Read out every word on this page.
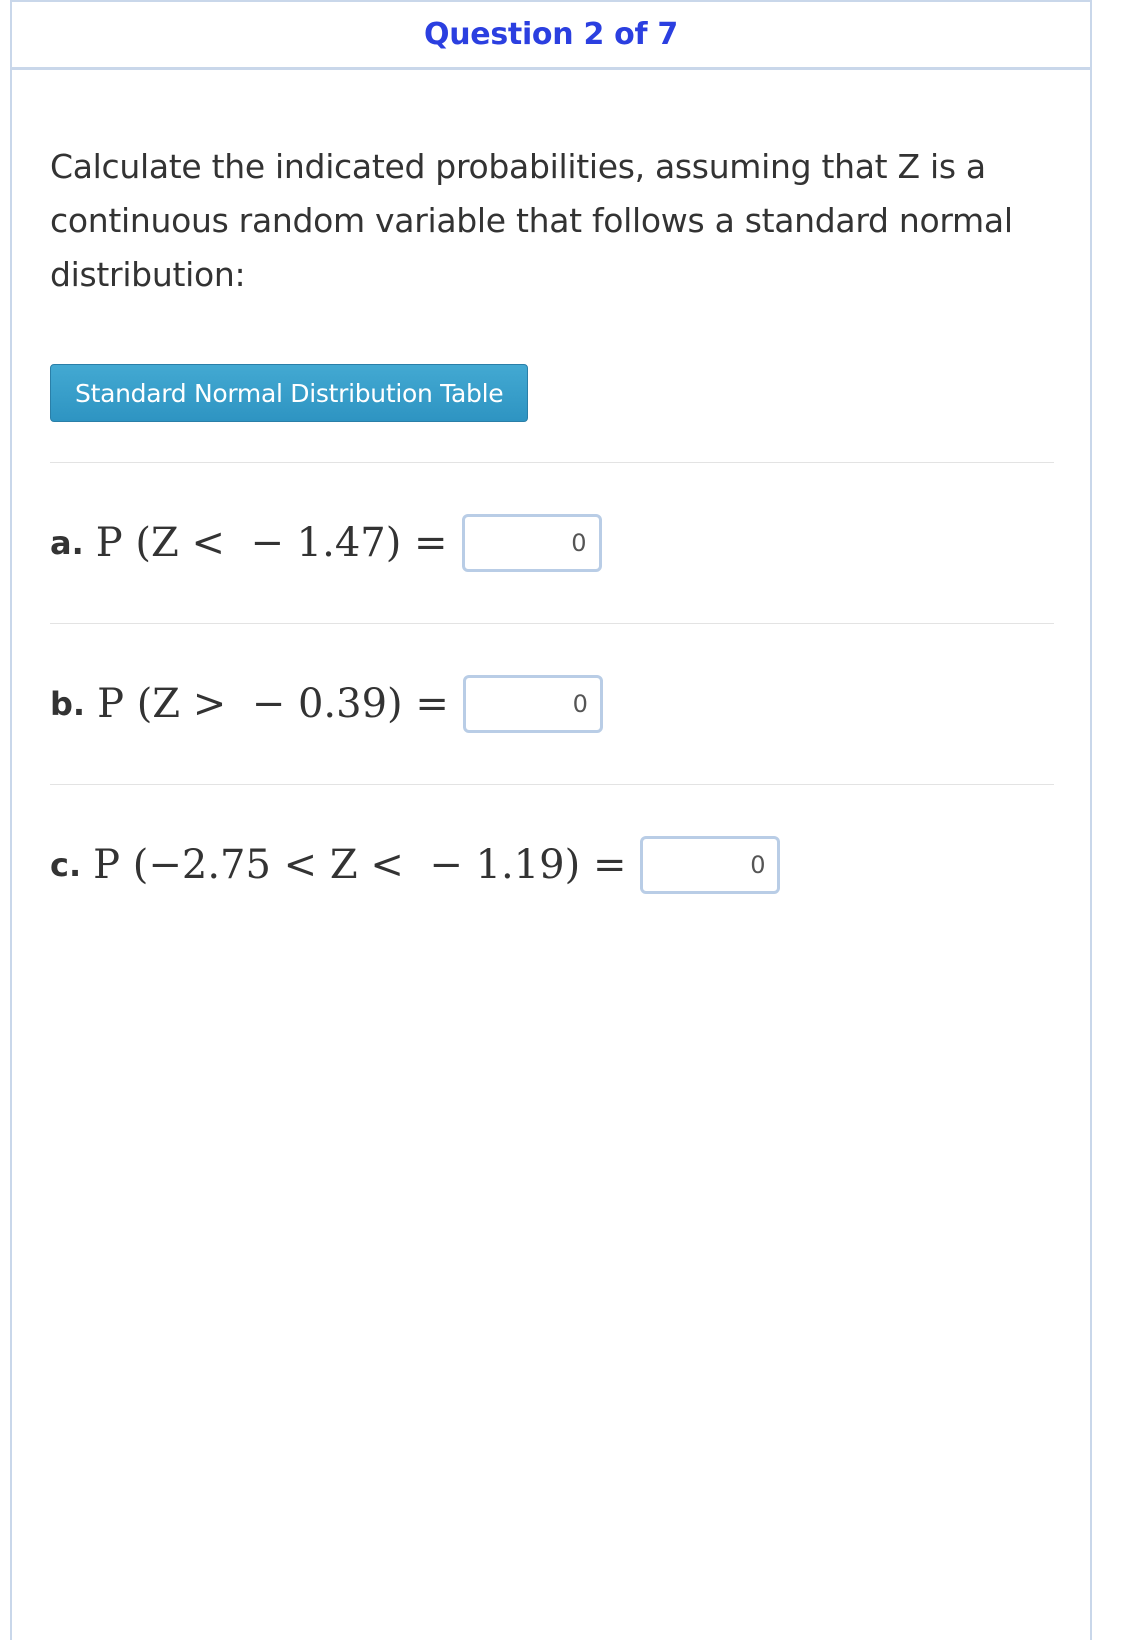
Question 2 of 7
Calculate the indicated probabilities, assuming that Z is a continuous random variable that follows a standard normal distribution:
Standard Normal Distribution Table
a. P (Z <  − 1.47) =
0
b. P (Z >  − 0.39) =
0
c. P (−2.75 < Z <  − 1.19) =
0
